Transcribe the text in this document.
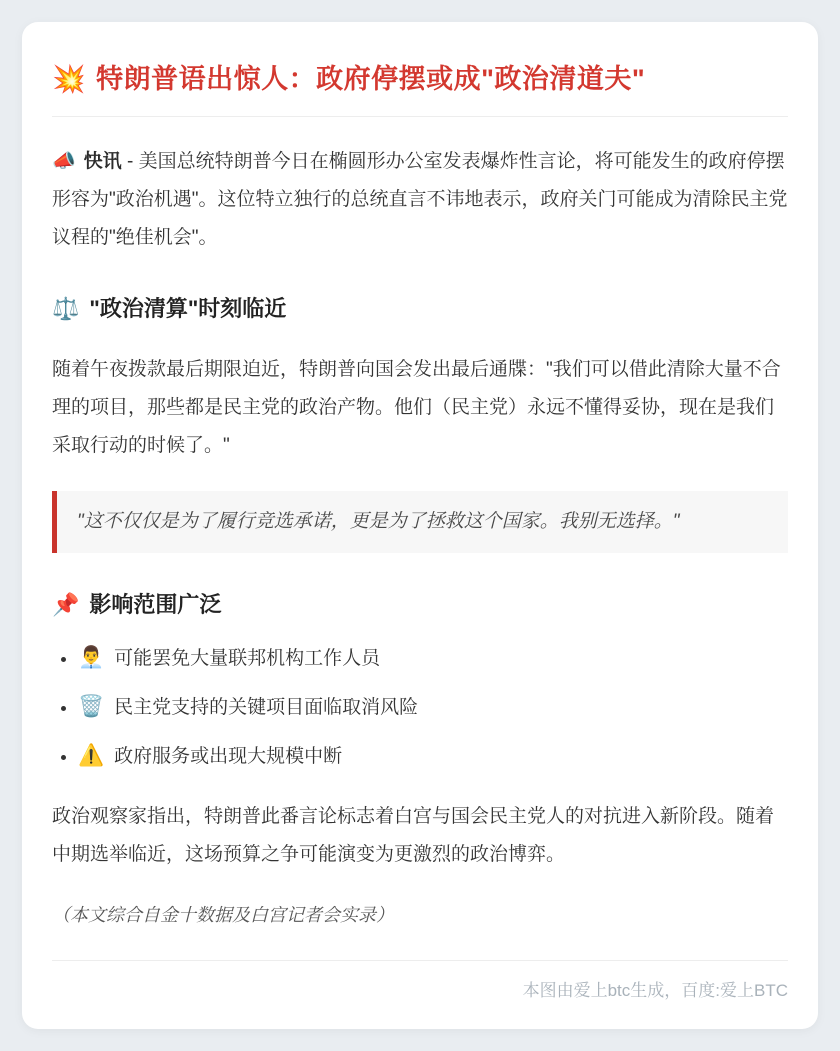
💥 特朗普语出惊人：政府停摆或成"政治清道夫"

📣 快讯 - 美国总统特朗普今日在椭圆形办公室发表爆炸性言论，将可能发生的政府停摆形容为"政治机遇"。这位特立独行的总统直言不讳地表示，政府关门可能成为清除民主党议程的"绝佳机会"。

⚖️ "政治清算"时刻临近

随着午夜拨款最后期限迫近，特朗普向国会发出最后通牒："我们可以借此清除大量不合理的项目，那些都是民主党的政治产物。他们（民主党）永远不懂得妥协，现在是我们采取行动的时候了。"

"这不仅仅是为了履行竞选承诺，更是为了拯救这个国家。我别无选择。"
📌 影响范围广泛
• 👨‍💼 可能罢免大量联邦机构工作人员
• 🗑️ 民主党支持的关键项目面临取消风险
• ⚠️ 政府服务或出现大规模中断

政治观察家指出，特朗普此番言论标志着白宫与国会民主党人的对抗进入新阶段。随着中期选举临近，这场预算之争可能演变为更激烈的政治博弈。

（本文综合自金十数据及白宫记者会实录）

本图由爱上btc生成，百度:爱上BTC
